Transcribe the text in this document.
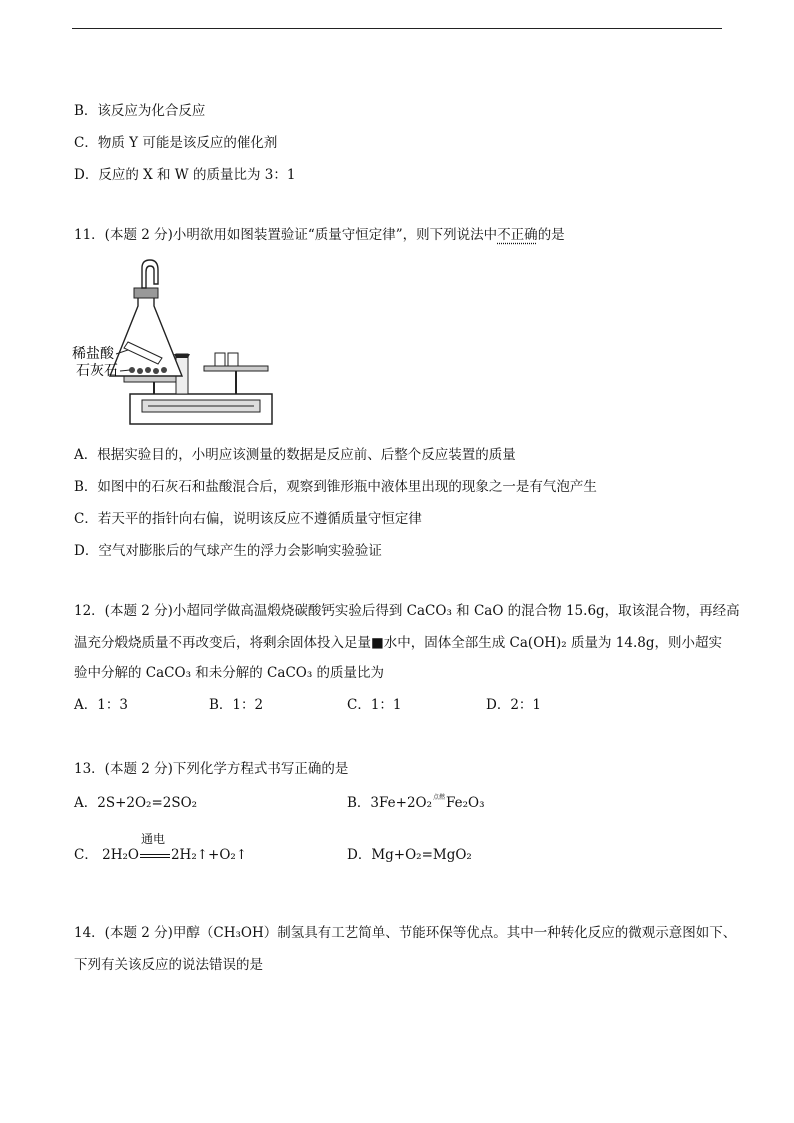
B．该反应为化合反应
C．物质 Y 可能是该反应的催化剂
D．反应的 X 和 W 的质量比为 3：1
11．(本题 2 分)小明欲用如图装置验证“质量守恒定律”，则下列说法中不正确的是
稀盐酸
石灰石
A．根据实验目的，小明应该测量的数据是反应前、后整个反应装置的质量
B．如图中的石灰石和盐酸混合后，观察到锥形瓶中液体里出现的现象之一是有气泡产生
C．若天平的指针向右偏，说明该反应不遵循质量守恒定律
D．空气对膨胀后的气球产生的浮力会影响实验验证
12．(本题 2 分)小超同学做高温煅烧碳酸钙实验后得到 CaCO₃ 和 CaO 的混合物 15.6g，取该混合物，再经高
温充分煅烧质量不再改变后，将剩余固体投入足量■水中，固体全部生成 Ca(OH)₂ 质量为 14.8g，则小超实
验中分解的 CaCO₃ 和未分解的 CaCO₃ 的质量比为
A．1：3	B．1：2	C．1：1	D．2：1
13．(本题 2 分)下列化学方程式书写正确的是
A．2S+2O₂=2SO₂	B．3Fe+2O₂$^{点燃}$Fe₂O₃
C． 2H₂O
通电
2H₂↑+O₂↑	D．Mg+O₂=MgO₂
14．(本题 2 分)甲醇（CH₃OH）制氢具有工艺简单、节能环保等优点。其中一种转化反应的微观示意图如下、
下列有关该反应的说法错误的是
